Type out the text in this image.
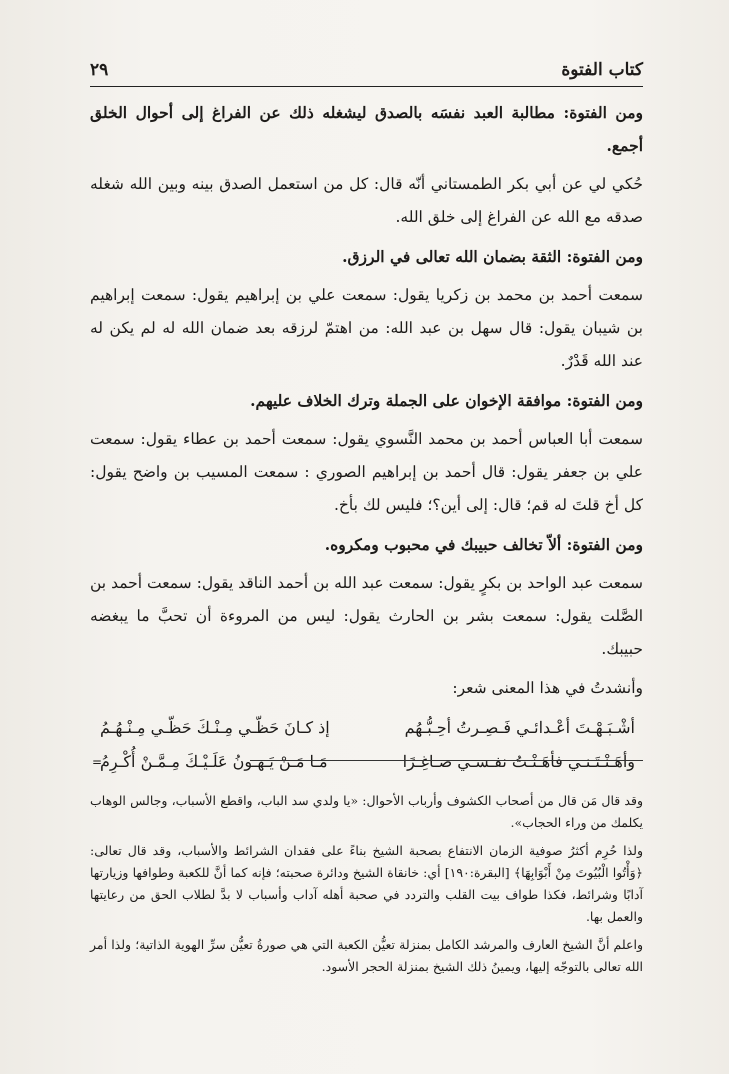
كتاب الفتوة
٢٩

ومن الفتوة: مطالبة العبد نفسَه بالصدق ليشغله ذلك عن الفراغ إلى أحوال الخلق أجمع.

حُكي لي عن أبي بكر الطمستاني أنّه قال: كل من استعمل الصدق بينه وبين الله شغله صدقه مع الله عن الفراغ إلى خلق الله.

ومن الفتوة: الثقة بضمان الله تعالى في الرزق.

سمعت أحمد بن محمد بن زكريا يقول: سمعت علي بن إبراهيم يقول: سمعت إبراهيم بن شيبان يقول: قال سهل بن عبد الله: من اهتمّ لرزقه بعد ضمان الله له لم يكن له عند الله قَدْرٌ.

ومن الفتوة: موافقة الإخوان على الجملة وترك الخلاف عليهم.

سمعت أبا العباس أحمد بن محمد النَّسوي يقول: سمعت أحمد بن عطاء يقول: سمعت علي بن جعفر يقول: قال أحمد بن إبراهيم الصوري : سمعت المسيب بن واضح يقول: كل أخ قلتَ له قم؛ قال: إلى أين؟؛ فليس لك بأخ.

ومن الفتوة: ألاّ تخالف حبيبك في محبوب ومكروه.

سمعت عبد الواحد بن بكرٍ يقول: سمعت عبد الله بن أحمد الناقد يقول: سمعت أحمد بن الصَّلت يقول: سمعت بشر بن الحارث يقول: ليس من المروءة أن تحبَّ ما يبغضه حبيبك.

وأنشدتُ في هذا المعنى شعر:

أشْـبَـهْـتَ أعْـدائـي فَـصِـرتُ أحِـبُّـهُم
إذ كـانَ حَظّـي مِـنْـكَ حَظّـي مِـنْـهُـمُ
وأهَـنْـتَـنـي فأهَـنْـتُ نفـسـي صـاغِـرًا
مَـا مَـنْ يَـهـونُ عَلَـيْـكَ مِـمَّـنْ أُكْـرِمُ
=

وقد قال مَن قال من أصحاب الكشوف وأرباب الأحوال: «يا ولدي سد الباب، واقطع الأسباب، وجالس الوهاب يكلمك من وراء الحجاب».

ولذا حُرِم أكثرُ صوفية الزمان الانتفاع بصحبة الشيخ بناءً على فقدان الشرائط والأسباب، وقد قال تعالى: ﴿وَأْتُوا الْبُيُوتَ مِنْ أَبْوَابِهَا﴾ [البقرة:١٩٠] أي: خانقاة الشيخ ودائرة صحبته؛ فإنه كما أنَّ للكعبة وطوافها وزيارتها آدابًا وشرائط، فكذا طواف بيت القلب والتردد في صحبة أهله آداب وأسباب لا بدَّ لطلاب الحق من رعايتها والعمل بها.

واعلم أنَّ الشيخ العارف والمرشد الكامل بمنزلة تعيُّن الكعبة التي هي صورةُ تعيُّن سرِّ الهوية الذاتية؛ ولذا أمر الله تعالى بالتوجّه إليها، ويمينُ ذلك الشيخ بمنزلة الحجر الأسود.
